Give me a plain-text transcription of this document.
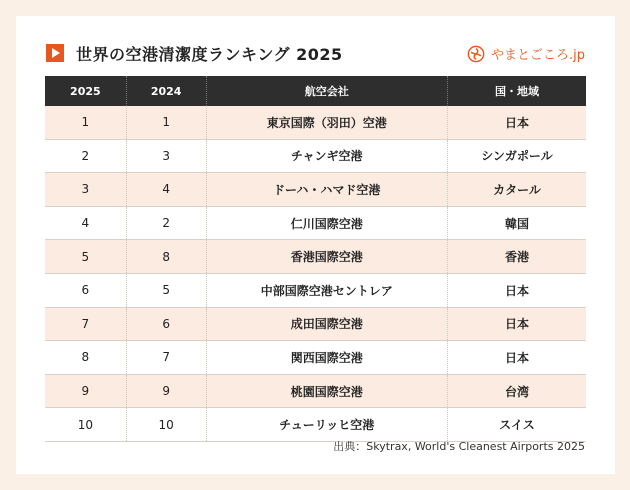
世界の空港清潔度ランキング 2025	やまとごころ.jp
2025	2024	航空会社	国・地域
1	1	東京国際（羽田）空港	日本
2	3	チャンギ空港	シンガポール
3	4	ドーハ・ハマド空港	カタール
4	2	仁川国際空港	韓国
5	8	香港国際空港	香港
6	5	中部国際空港セントレア	日本
7	6	成田国際空港	日本
8	7	関西国際空港	日本
9	9	桃園国際空港	台湾
10	10	チューリッヒ空港	スイス
出典：Skytrax, World's Cleanest Airports 2025
